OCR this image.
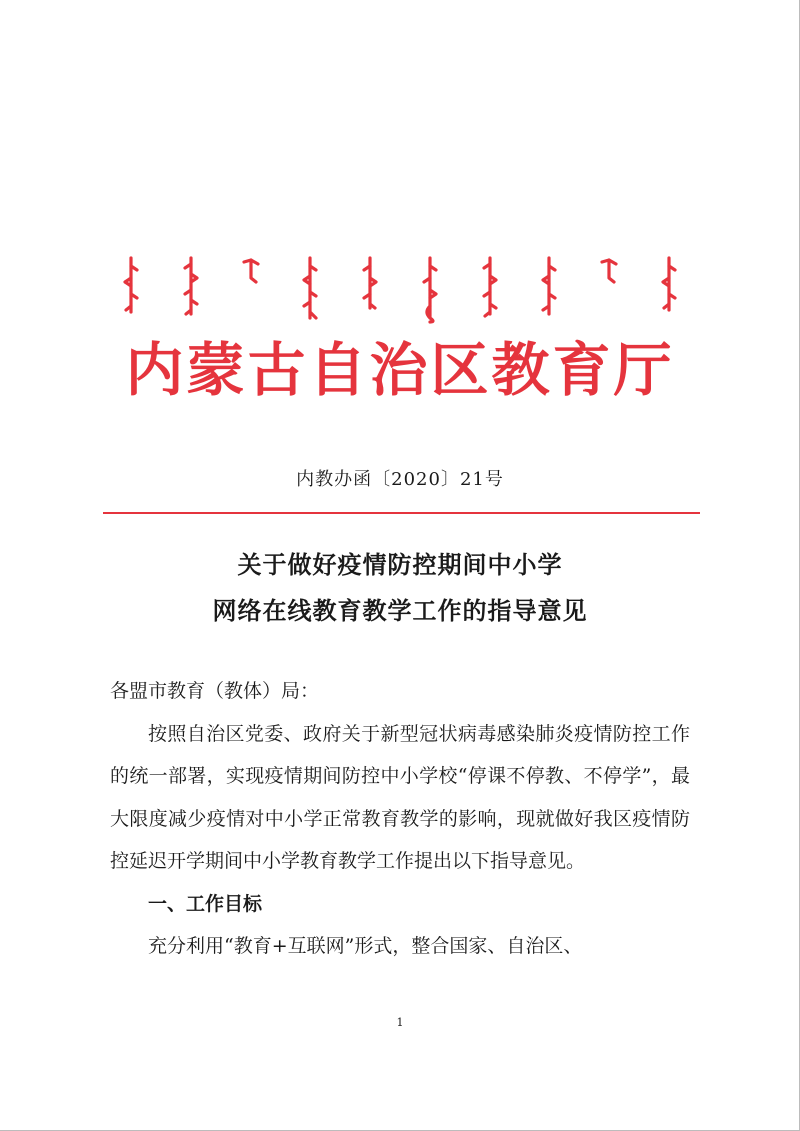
内蒙古自治区教育厅
内教办函〔2020〕21号
关于做好疫情防控期间中小学
网络在线教育教学工作的指导意见

各盟市教育（教体）局：

按照自治区党委、政府关于新型冠状病毒感染肺炎疫情防控工作的统一部署，实现疫情期间防控中小学校“停课不停教、不停学”，最大限度减少疫情对中小学正常教育教学的影响，现就做好我区疫情防控延迟开学期间中小学教育教学工作提出以下指导意见。

一、工作目标

充分利用“教育+互联网”形式，整合国家、自治区、

1
